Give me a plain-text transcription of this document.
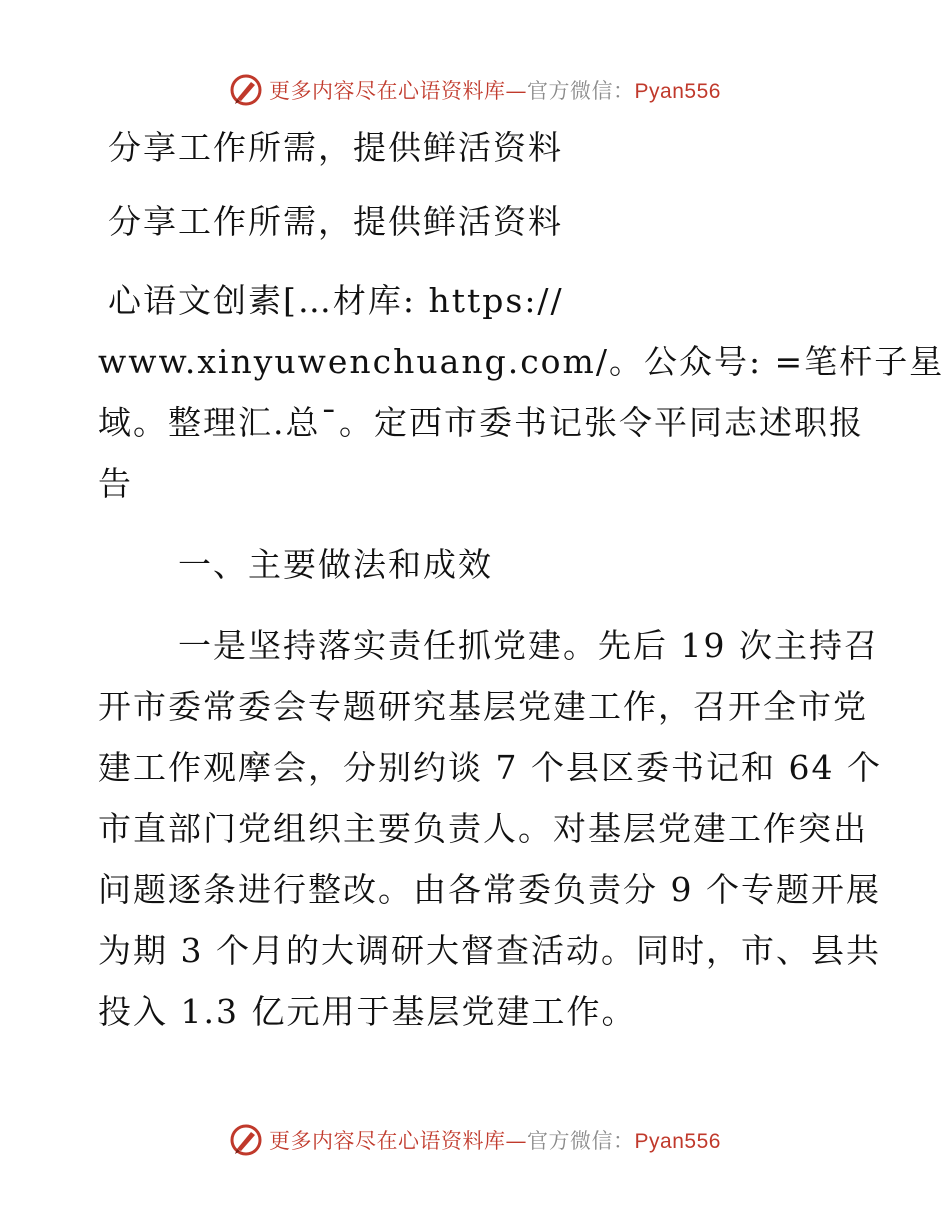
更多内容尽在心语资料库—官方微信：Pyan556

分享工作所需，提供鲜活资料

分享工作所需，提供鲜活资料

心语文创素[…材库: https://
www.xinyuwenchuang.com/。公众号: =笔杆子星
域。整理汇.总¯。定西市委书记张令平同志述职报
告

一、主要做法和成效

一是坚持落实责任抓党建。先后 19 次主持召
开市委常委会专题研究基层党建工作，召开全市党
建工作观摩会，分别约谈 7 个县区委书记和 64 个
市直部门党组织主要负责人。对基层党建工作突出
问题逐条进行整改。由各常委负责分 9 个专题开展
为期 3 个月的大调研大督查活动。同时，市、县共
投入 1.3 亿元用于基层党建工作。
更多内容尽在心语资料库—官方微信：Pyan556
